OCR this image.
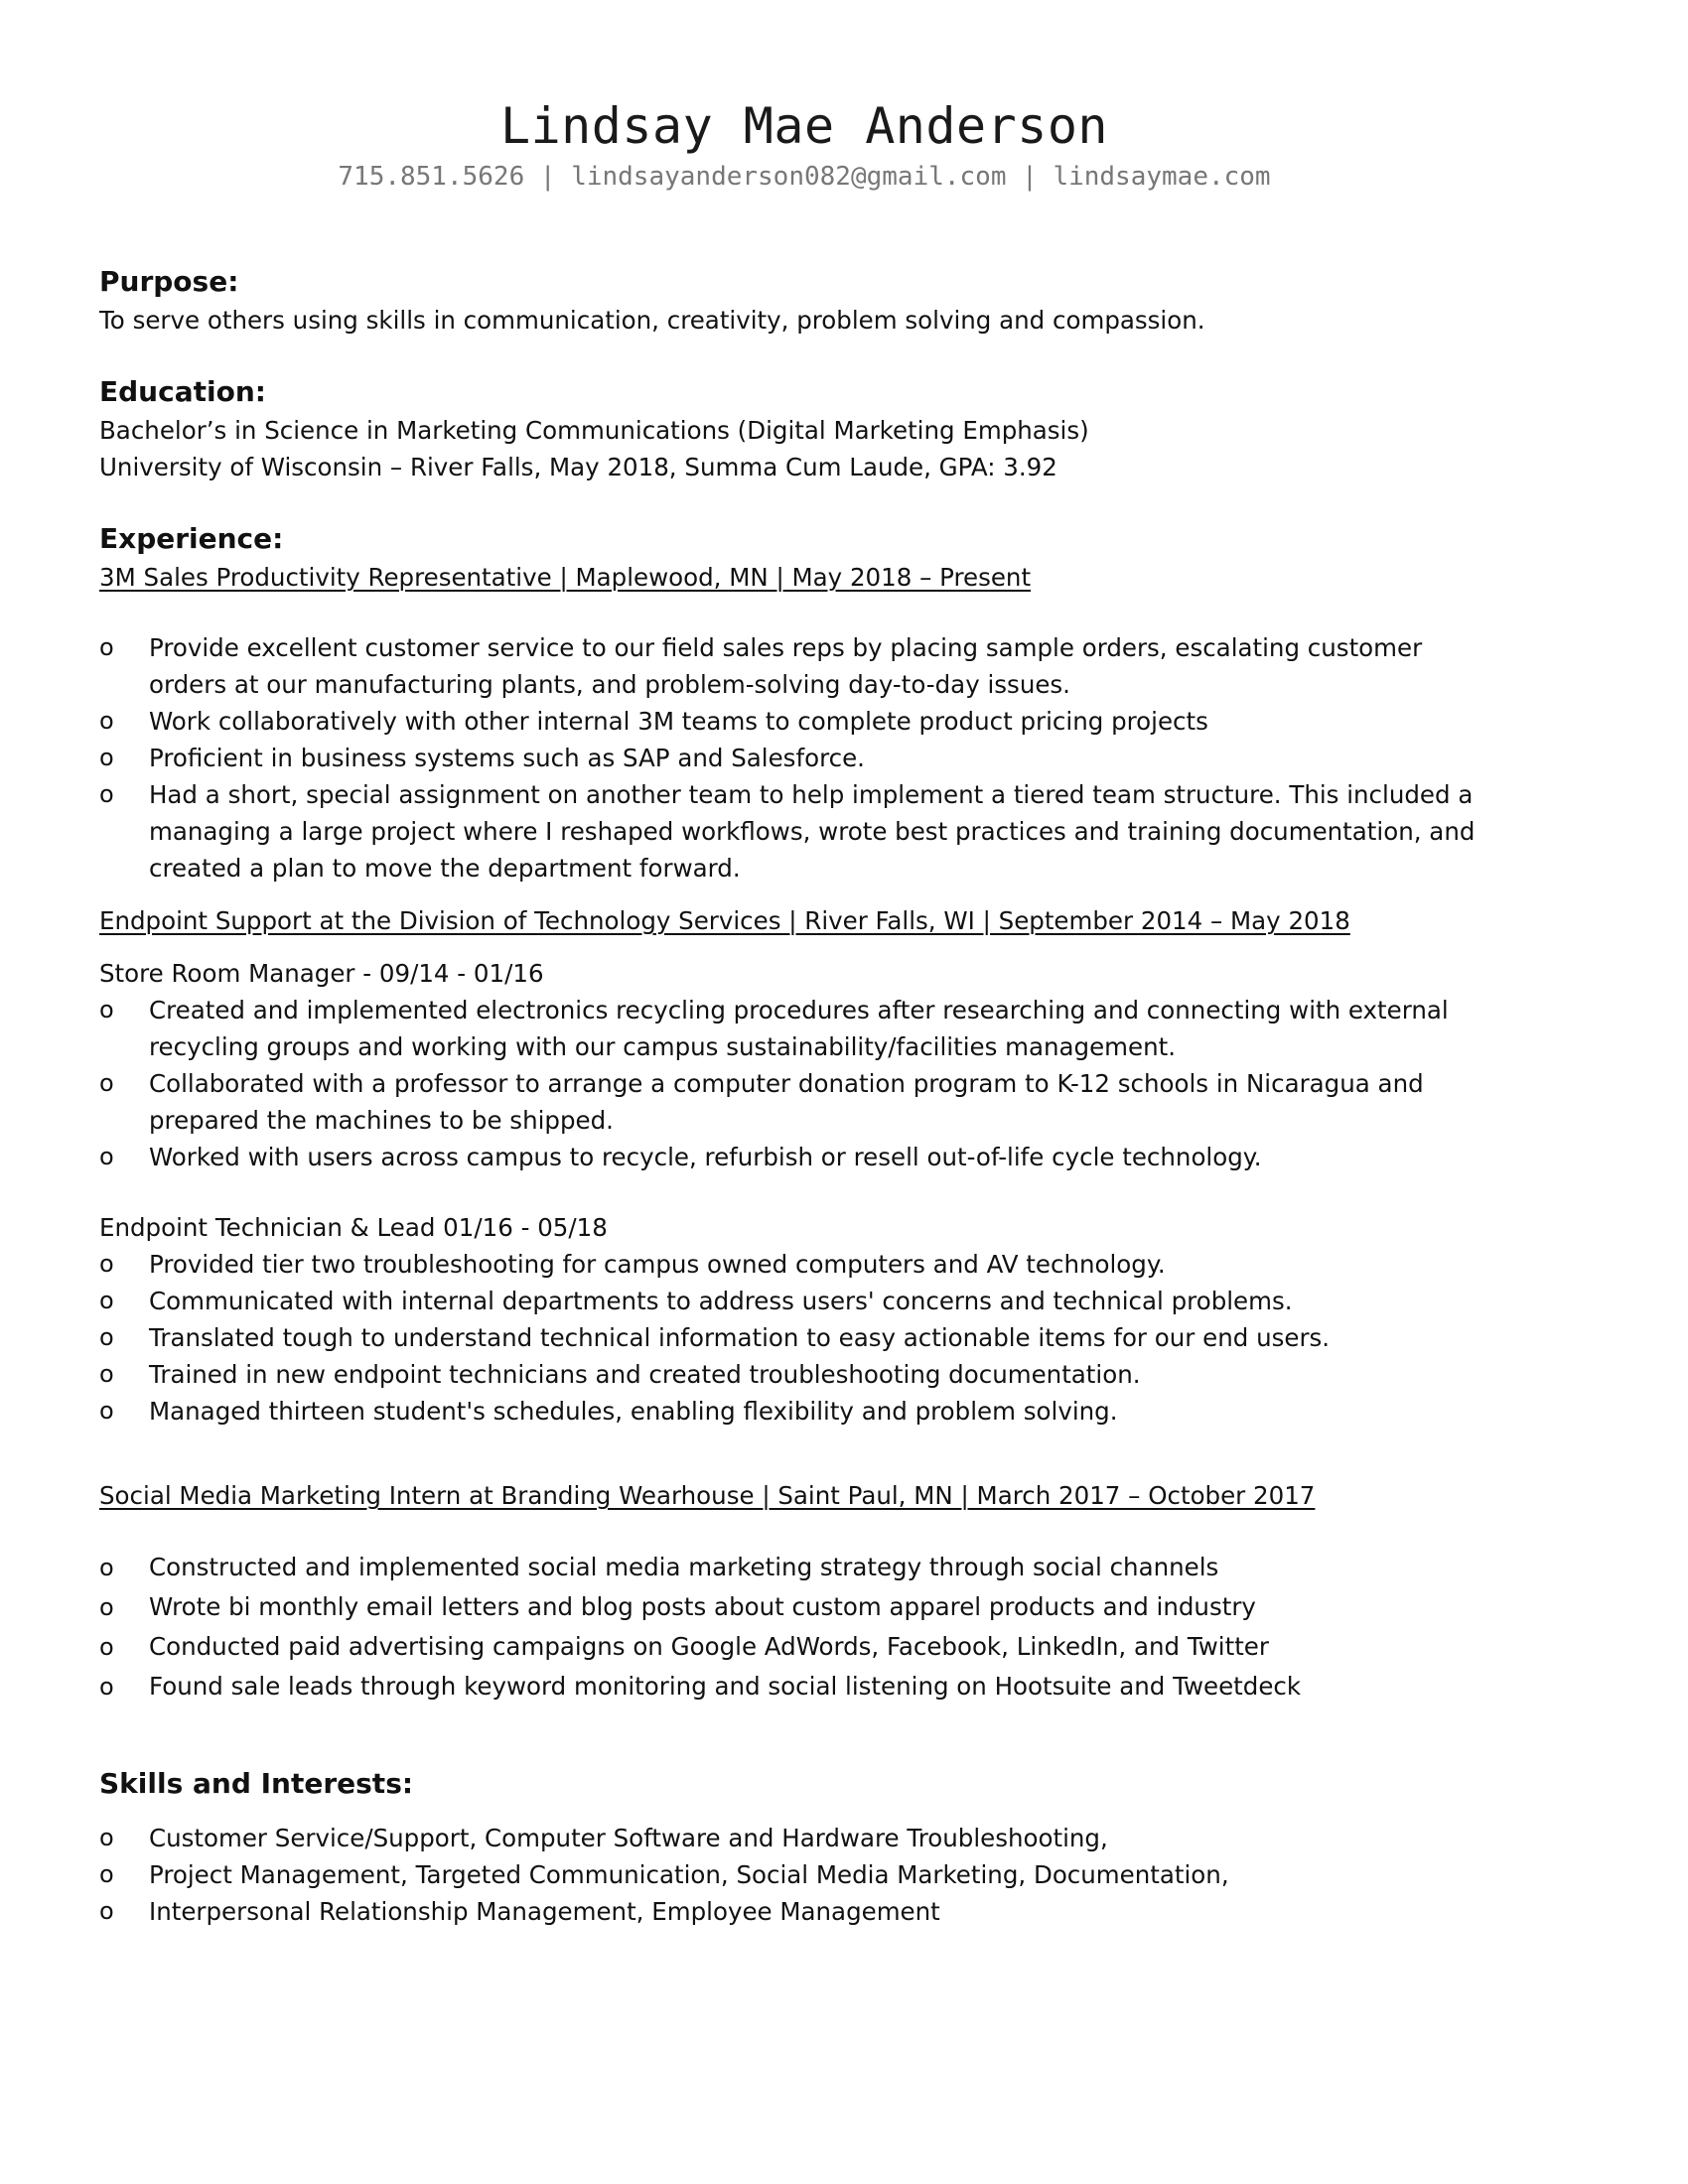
Lindsay Mae Anderson
715.851.5626 | lindsayanderson082@gmail.com | lindsaymae.com
Purpose:
To serve others using skills in communication, creativity, problem solving and compassion.
Education:
Bachelor’s in Science in Marketing Communications (Digital Marketing Emphasis)
University of Wisconsin – River Falls, May 2018, Summa Cum Laude, GPA: 3.92
Experience:
3M Sales Productivity Representative | Maplewood, MN | May 2018 – Present
o Provide excellent customer service to our field sales reps by placing sample orders, escalating customer
orders at our manufacturing plants, and problem-solving day-to-day issues.
o Work collaboratively with other internal 3M teams to complete product pricing projects
o Proficient in business systems such as SAP and Salesforce.
o Had a short, special assignment on another team to help implement a tiered team structure. This included a
managing a large project where I reshaped workflows, wrote best practices and training documentation, and
created a plan to move the department forward.
Endpoint Support at the Division of Technology Services | River Falls, WI | September 2014 – May 2018
Store Room Manager - 09/14 - 01/16
o Created and implemented electronics recycling procedures after researching and connecting with external
recycling groups and working with our campus sustainability/facilities management.
o Collaborated with a professor to arrange a computer donation program to K-12 schools in Nicaragua and
prepared the machines to be shipped.
o Worked with users across campus to recycle, refurbish or resell out-of-life cycle technology.
Endpoint Technician & Lead 01/16 - 05/18
o Provided tier two troubleshooting for campus owned computers and AV technology.
o Communicated with internal departments to address users' concerns and technical problems.
o Translated tough to understand technical information to easy actionable items for our end users.
o Trained in new endpoint technicians and created troubleshooting documentation.
o Managed thirteen student's schedules, enabling flexibility and problem solving.
Social Media Marketing Intern at Branding Wearhouse | Saint Paul, MN | March 2017 – October 2017
o Constructed and implemented social media marketing strategy through social channels
o Wrote bi monthly email letters and blog posts about custom apparel products and industry
o Conducted paid advertising campaigns on Google AdWords, Facebook, LinkedIn, and Twitter
o Found sale leads through keyword monitoring and social listening on Hootsuite and Tweetdeck
Skills and Interests:
o Customer Service/Support, Computer Software and Hardware Troubleshooting,
o Project Management, Targeted Communication, Social Media Marketing, Documentation,
o Interpersonal Relationship Management, Employee Management
